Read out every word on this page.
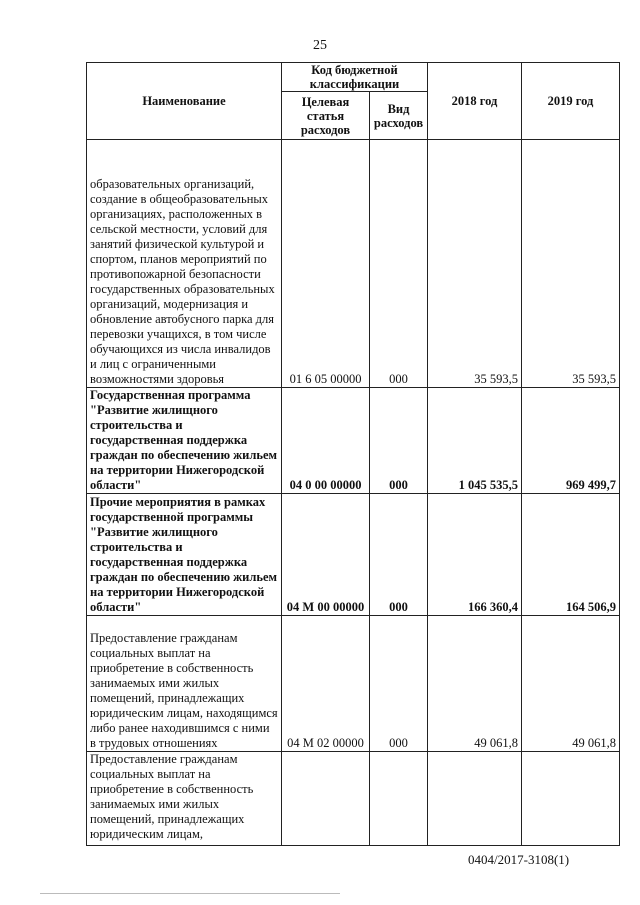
25
Наименование	Код бюджетной классификации		2018 год	2019 год
	Целевая статья расходов	Вид расходов		
образовательных организаций, создание в общеобразовательных организациях, расположенных в сельской местности, условий для занятий физической культурой и спортом, планов мероприятий по противопожарной безопасности государственных образовательных организаций, модернизация и обновление автобусного парка для перевозки учащихся, в том числе обучающихся из числа инвалидов и лиц с ограниченными возможностями здоровья	01 6 05 00000	000	35 593,5	35 593,5
Государственная программа "Развитие жилищного строительства и государственная поддержка граждан по обеспечению жильем на территории Нижегородской области"	04 0 00 00000	000	1 045 535,5	969 499,7
Прочие мероприятия в рамках государственной программы "Развитие жилищного строительства и государственная поддержка граждан по обеспечению жильем на территории Нижегородской области"	04 М 00 00000	000	166 360,4	164 506,9
Предоставление гражданам социальных выплат на приобретение в собственность занимаемых ими жилых помещений, принадлежащих юридическим лицам, находящимся либо ранее находившимся с ними в трудовых отношениях	04 М 02 00000	000	49 061,8	49 061,8
Предоставление гражданам социальных выплат на приобретение в собственность занимаемых ими жилых помещений, принадлежащих юридическим лицам,				
0404/2017-3108(1)
